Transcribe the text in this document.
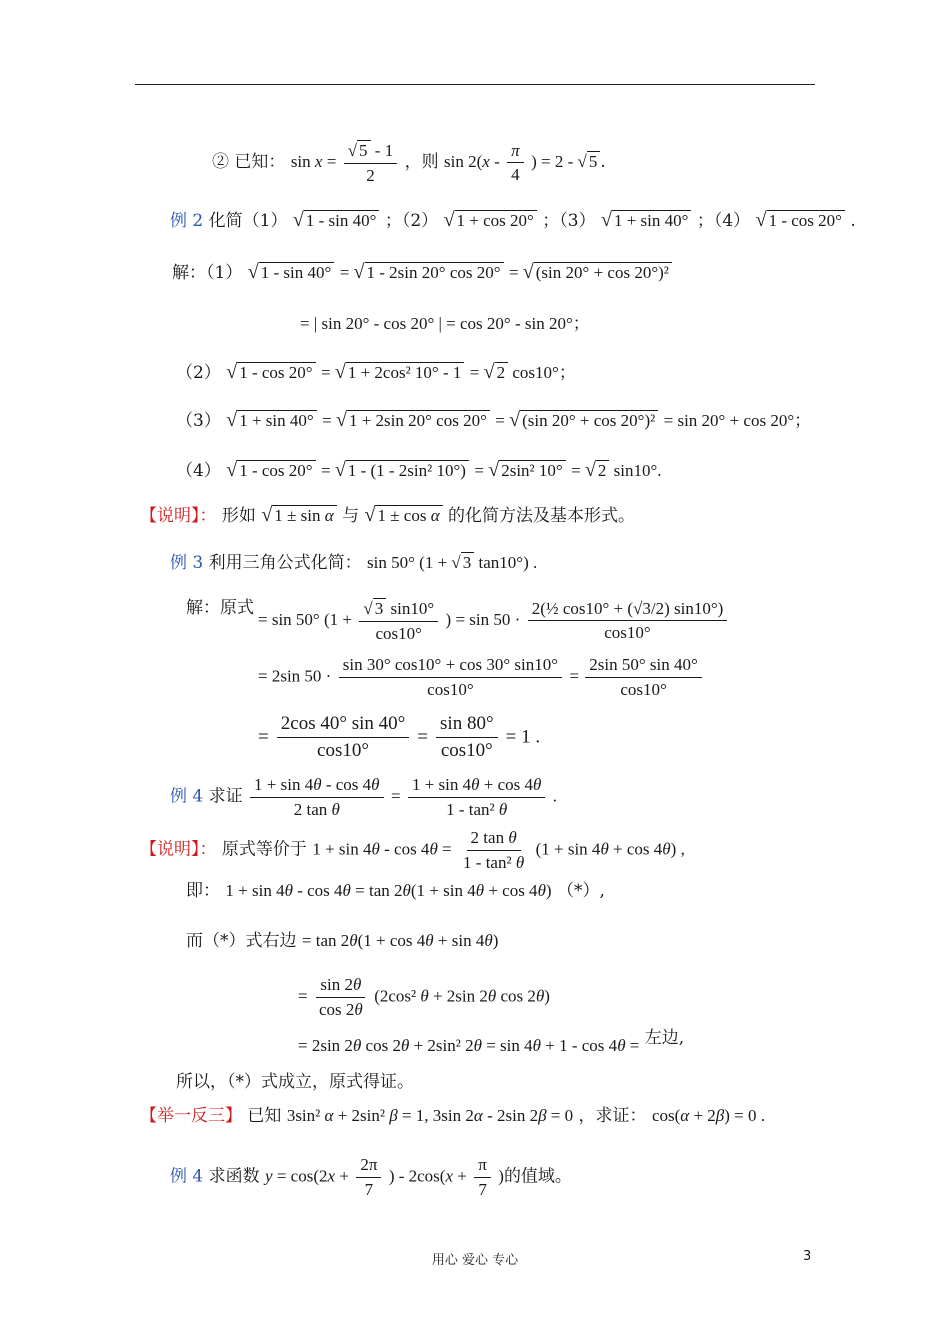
② 已知： $\sin x = \frac{√ 5 - 1}{2}$ ，则 $\sin 2(x - \frac{\pi}{4}$ ) = 2 - √ 5 .
例 2 化简（1） √ 1 - sin 40° ；（2） √ 1 + cos 20° ；（3） √ 1 + sin 40° ；（4） √ 1 - cos 20° .
解：（1） √ 1 - sin 40° = √ 1 - 2sin 20° cos 20° = √ (sin 20° + cos 20°)²
= | sin 20° - cos 20° | = cos 20° - sin 20°；
（2） √ 1 - cos 20° = √ 1 + 2cos² 10° - 1 = √ 2 cos10°；
（3） √ 1 + sin 40° = √ 1 + 2sin 20° cos 20° = √ (sin 20° + cos 20°)² = sin 20° + cos 20°；
（4） √ 1 - cos 20° = √ 1 - (1 - 2sin² 10°) = √ 2sin² 10° = √ 2 sin10°.
【说明】： 形如 √ 1 ± sin α 与 √ 1 ± cos α 的化简方法及基本形式。
例 3 利用三角公式化简： sin 50° (1 + √ 3 tan10°) .
解：原式
= sin 50° ($1 + \frac{√ 3 \sin 10^\circ}{\cos 10^\circ}$ ) = $\sin 50 \cdot \frac{\text{2(½ cos10° + (√3/2) sin10°)}}{\cos 10^\circ}$
= 2sin $50 \cdot \frac{\sin 30^\circ \cos 10^\circ + \cos 30^\circ \sin 10^\circ}{\cos 10^\circ} = \frac{2\sin 50^\circ \sin 40^\circ}{\cos 10^\circ}$
= $\frac{2\cos 40^\circ \sin 40^\circ}{\cos 10^\circ} = \frac{\sin 80^\circ}{\cos 10^\circ} = 1$ .
例 4 求证 $\frac{1 + \sin 4\theta - \cos 4\theta}{\text{2 tan θ}} = \frac{1 + \sin 4\theta + \cos 4\theta}{\text{1 - tan² θ}}$ .
【说明】： 原式等价于 $1 + \sin 4\theta - \cos 4\theta = \frac{\text{2 tan θ}}{\text{1 - tan² θ}} (1 + \sin 4\theta + \cos 4\theta)$ ,
即： 1 + sin 4θ - cos 4θ = tan 2θ(1 + sin 4θ + cos 4θ) （*）,
而（*）式右边 = tan 2θ(1 + cos 4θ + sin 4θ)
= $\frac{\sin 2\theta}{\cos 2\theta} (2\cos^2$ θ + 2sin 2θ cos 2θ)
= 2sin 2θ cos 2θ + 2sin² 2θ = sin 4θ + 1 - cos 4θ = 左边,
所以，（*）式成立，原式得证。
【举一反三】 已知 3sin² α + 2sin² β = 1, 3sin 2α - 2sin 2β = 0 ，求证： cos(α + 2β) = 0 .
例 4 求函数 $y = \cos(2x + \frac{2\pi}{7}$ ) - $2\cos(x + \frac{\pi}{7}$ )的值域。
用心 爱心 专心	3
